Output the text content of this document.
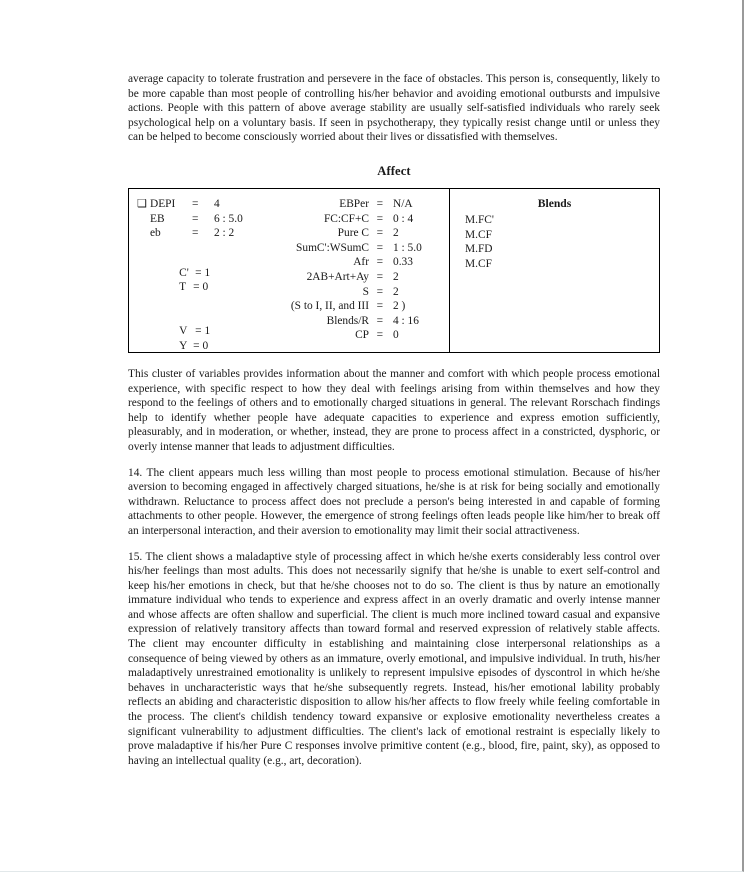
average capacity to tolerate frustration and persevere in the face of obstacles. This person is, consequently, likely to be more capable than most people of controlling his/her behavior and avoiding emotional outbursts and impulsive actions. People with this pattern of above average stability are usually self-satisfied individuals who rarely seek psychological help on a voluntary basis. If seen in psychotherapy, they typically resist change until or unless they can be helped to become consciously worried about their lives or dissatisfied with themselves.

Affect
❑ DEPI	=	4
EB	=	6 : 5.0
eb	=	2 : 2

C' = 1
T = 0

V = 1
Y = 0

EBPer = N/A
FC:CF+C = 0 : 4
Pure C = 2
SumC':WSumC = 1 : 5.0
Afr = 0.33
2AB+Art+Ay = 2
S = 2
(S to I, II, and III = 2 )
Blends/R = 4 : 16
CP = 0
Blends
M.FC'
M.CF
M.FD
M.CF

This cluster of variables provides information about the manner and comfort with which people process emotional experience, with specific respect to how they deal with feelings arising from within themselves and how they respond to the feelings of others and to emotionally charged situations in general. The relevant Rorschach findings help to identify whether people have adequate capacities to experience and express emotion sufficiently, pleasurably, and in moderation, or whether, instead, they are prone to process affect in a constricted, dysphoric, or overly intense manner that leads to adjustment difficulties.

14. The client appears much less willing than most people to process emotional stimulation. Because of his/her aversion to becoming engaged in affectively charged situations, he/she is at risk for being socially and emotionally withdrawn. Reluctance to process affect does not preclude a person's being interested in and capable of forming attachments to other people. However, the emergence of strong feelings often leads people like him/her to break off an interpersonal interaction, and their aversion to emotionality may limit their social attractiveness.

15. The client shows a maladaptive style of processing affect in which he/she exerts considerably less control over his/her feelings than most adults. This does not necessarily signify that he/she is unable to exert self-control and keep his/her emotions in check, but that he/she chooses not to do so. The client is thus by nature an emotionally immature individual who tends to experience and express affect in an overly dramatic and overly intense manner and whose affects are often shallow and superficial. The client is much more inclined toward casual and expansive expression of relatively transitory affects than toward formal and reserved expression of relatively stable affects. The client may encounter difficulty in establishing and maintaining close interpersonal relationships as a consequence of being viewed by others as an immature, overly emotional, and impulsive individual. In truth, his/her maladaptively unrestrained emotionality is unlikely to represent impulsive episodes of dyscontrol in which he/she behaves in uncharacteristic ways that he/she subsequently regrets. Instead, his/her emotional lability probably reflects an abiding and characteristic disposition to allow his/her affects to flow freely while feeling comfortable in the process. The client's childish tendency toward expansive or explosive emotionality nevertheless creates a significant vulnerability to adjustment difficulties. The client's lack of emotional restraint is especially likely to prove maladaptive if his/her Pure C responses involve primitive content (e.g., blood, fire, paint, sky), as opposed to having an intellectual quality (e.g., art, decoration).
